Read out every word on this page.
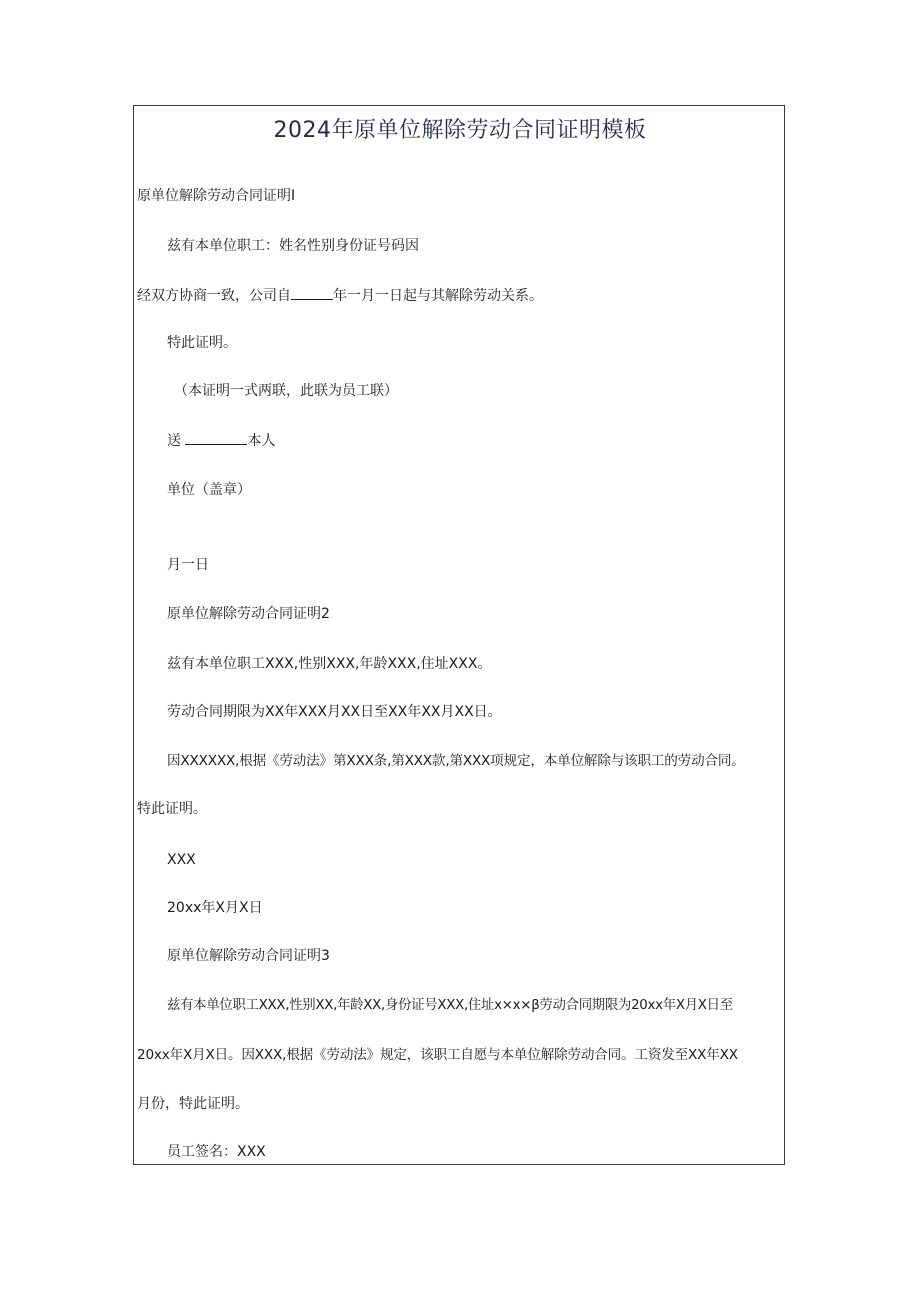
2024年原单位解除劳动合同证明模板
原单位解除劳动合同证明I
兹有本单位职工：姓名性别身份证号码因
经双方协商一致，公司自	年一月一日起与其解除劳动关系。
特此证明。
（本证明一式两联，此联为员工联）
送	本人
单位（盖章）
月一日
原单位解除劳动合同证明2
兹有本单位职工XXX,性别XXX,年龄XXX,住址XXX。
劳动合同期限为XX年XXX月XX日至XX年XX月XX日。
因XXXXXX,根据《劳动法》第XXX条,第XXX款,第XXX项规定，本单位解除与该职工的劳动合同。
特此证明。
XXX
20xx年X月X日
原单位解除劳动合同证明3
兹有本单位职工XXX,性别XX,年龄XX,身份证号XXX,住址x×x×β劳动合同期限为20xx年X月X日至
20xx年X月X日。因XXX,根据《劳动法》规定，该职工自愿与本单位解除劳动合同。工资发至XX年XX
月份，特此证明。
员工签名：XXX
